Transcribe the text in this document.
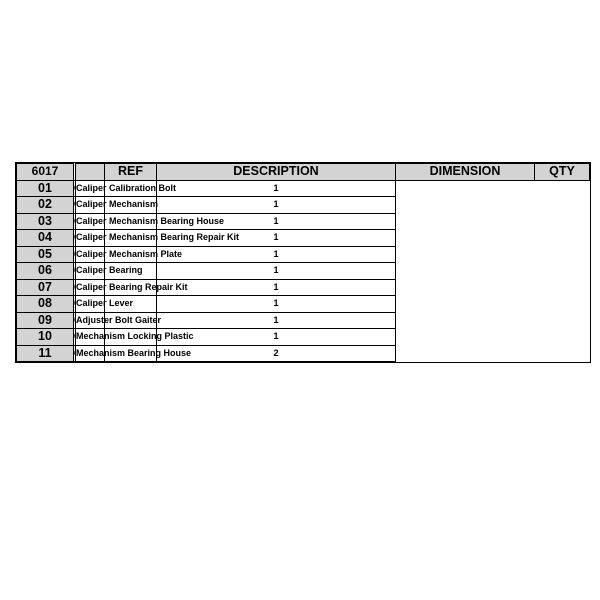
6017			REF	DESCRIPTION	DIMENSION	QTY
01		Caliper Calibration Bolt		1		
02		Caliper Mechanism		1		
03		Caliper Mechanism Bearing House		1		
04		Caliper Mechanism Bearing Repair Kit		1		
05		Caliper Mechanism Plate		1		
06		Caliper Bearing		1		
07		Caliper Bearing Repair Kit		1		
08		Caliper Lever		1		
09		Adjuster Bolt Gaiter		1		
10		Mechanism Locking Plastic		1		
11		Mechanism Bearing House		2		
